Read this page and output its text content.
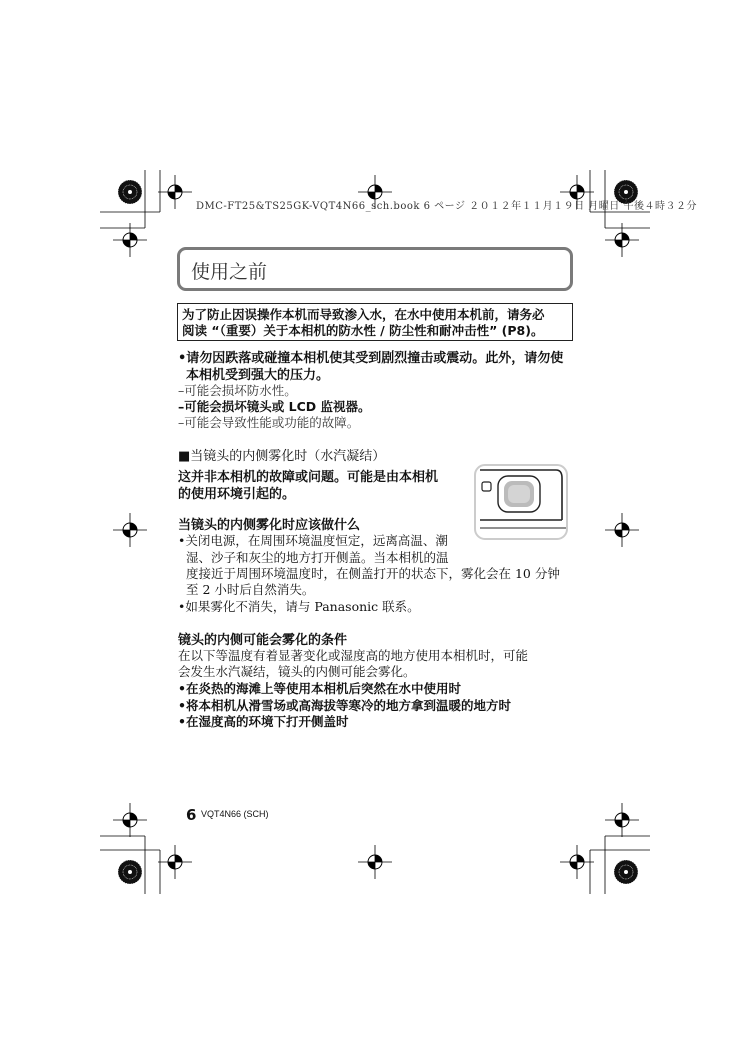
DMC-FT25&TS25GK-VQT4N66_sch.book 6 ページ ２０１２年１１月１９日 月曜日 午後４時３２分
使用之前
为了防止因误操作本机而导致渗入水，在水中使用本机前，请务必
阅读 “（重要）关于本相机的防水性 / 防尘性和耐冲击性” (P8)。
•请勿因跌落或碰撞本相机使其受到剧烈撞击或震动。此外，请勿使
本相机受到强大的压力。
–可能会损坏防水性。
–可能会损坏镜头或 LCD 监视器。
–可能会导致性能或功能的故障。
■当镜头的内侧雾化时（水汽凝结）
这并非本相机的故障或问题。可能是由本相机
的使用环境引起的。
当镜头的内侧雾化时应该做什么
•关闭电源，在周围环境温度恒定，远离高温、潮
湿、沙子和灰尘的地方打开侧盖。当本相机的温
度接近于周围环境温度时，在侧盖打开的状态下，雾化会在 10 分钟
至 2 小时后自然消失。
•如果雾化不消失，请与 Panasonic 联系。
镜头的内侧可能会雾化的条件
在以下等温度有着显著变化或湿度高的地方使用本相机时，可能
会发生水汽凝结，镜头的内侧可能会雾化。
•在炎热的海滩上等使用本相机后突然在水中使用时
•将本相机从滑雪场或高海拔等寒冷的地方拿到温暖的地方时
•在湿度高的环境下打开侧盖时
6 VQT4N66 (SCH)
